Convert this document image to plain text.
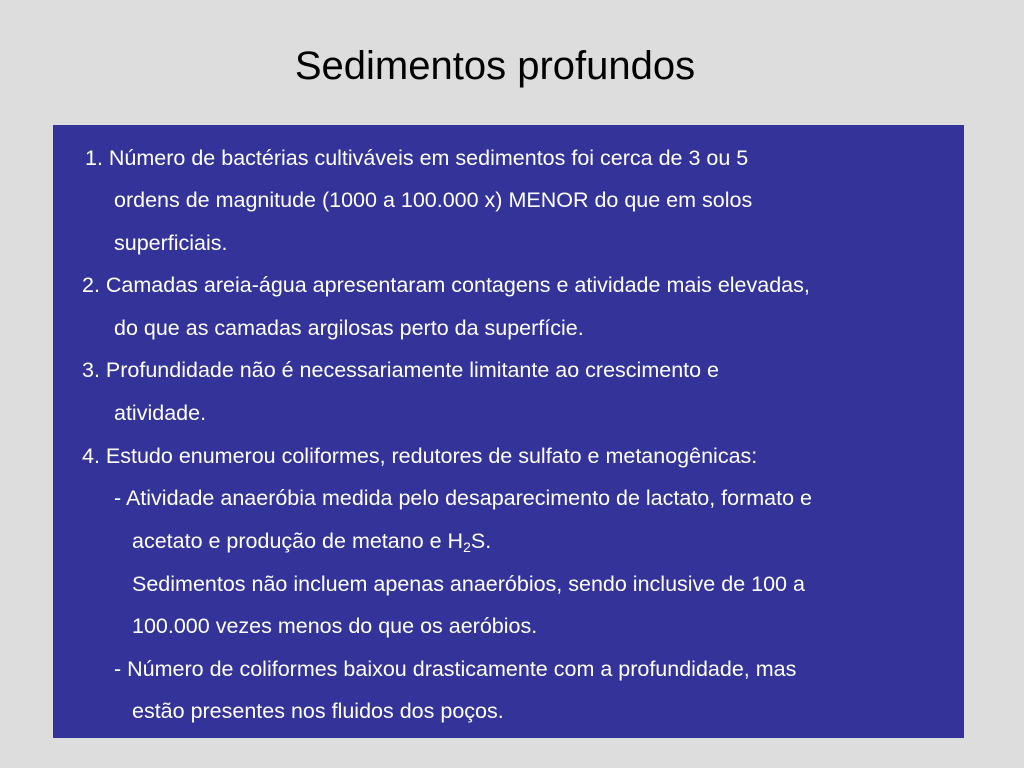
Sedimentos profundos

1. Número de bactérias cultiváveis em sedimentos foi cerca de 3 ou 5

ordens de magnitude (1000 a 100.000 x) MENOR do que em solos

superficiais.

2. Camadas areia-água apresentaram contagens e atividade mais elevadas,

do que as camadas argilosas perto da superfície.

3. Profundidade não é necessariamente limitante ao crescimento e

atividade.

4. Estudo enumerou coliformes, redutores de sulfato e metanogênicas:

- Atividade anaeróbia medida pelo desaparecimento de lactato, formato e

acetato e produção de metano e $H_2S$.

Sedimentos não incluem apenas anaeróbios, sendo inclusive de 100 a

100.000 vezes menos do que os aeróbios.

- Número de coliformes baixou drasticamente com a profundidade, mas

estão presentes nos fluidos dos poços.
